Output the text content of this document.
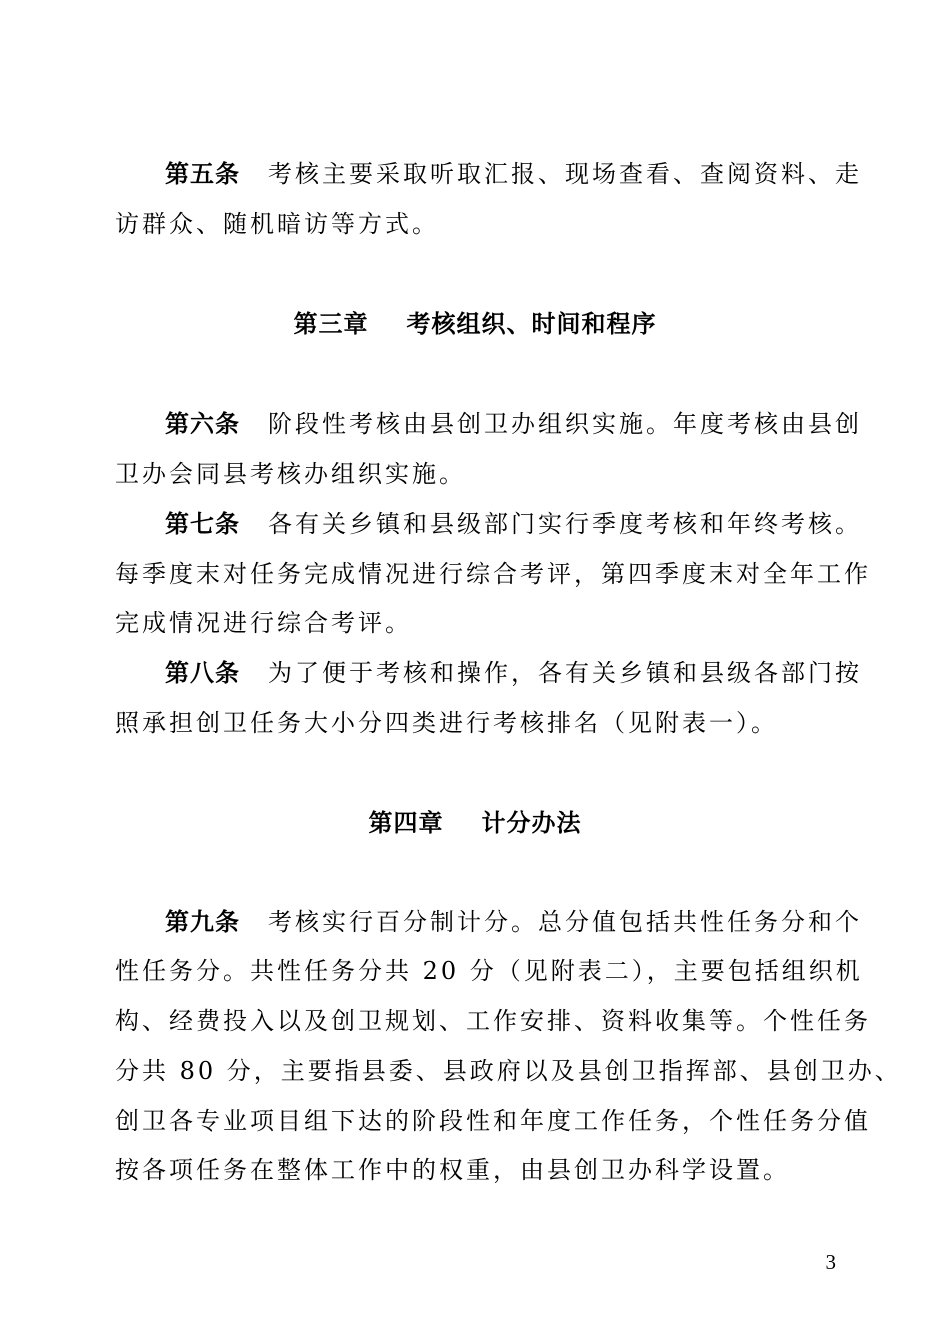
第五条 考核主要采取听取汇报、现场查看、查阅资料、走
访群众、随机暗访等方式。
第三章 考核组织、时间和程序
第六条 阶段性考核由县创卫办组织实施。年度考核由县创
卫办会同县考核办组织实施。
第七条 各有关乡镇和县级部门实行季度考核和年终考核。
每季度末对任务完成情况进行综合考评，第四季度末对全年工作
完成情况进行综合考评。
第八条 为了便于考核和操作，各有关乡镇和县级各部门按
照承担创卫任务大小分四类进行考核排名（见附表一）。
第四章 计分办法
第九条 考核实行百分制计分。总分值包括共性任务分和个
性任务分。共性任务分共 20 分（见附表二），主要包括组织机
构、经费投入以及创卫规划、工作安排、资料收集等。个性任务
分共 80 分，主要指县委、县政府以及县创卫指挥部、县创卫办、
创卫各专业项目组下达的阶段性和年度工作任务，个性任务分值
按各项任务在整体工作中的权重，由县创卫办科学设置。
3
